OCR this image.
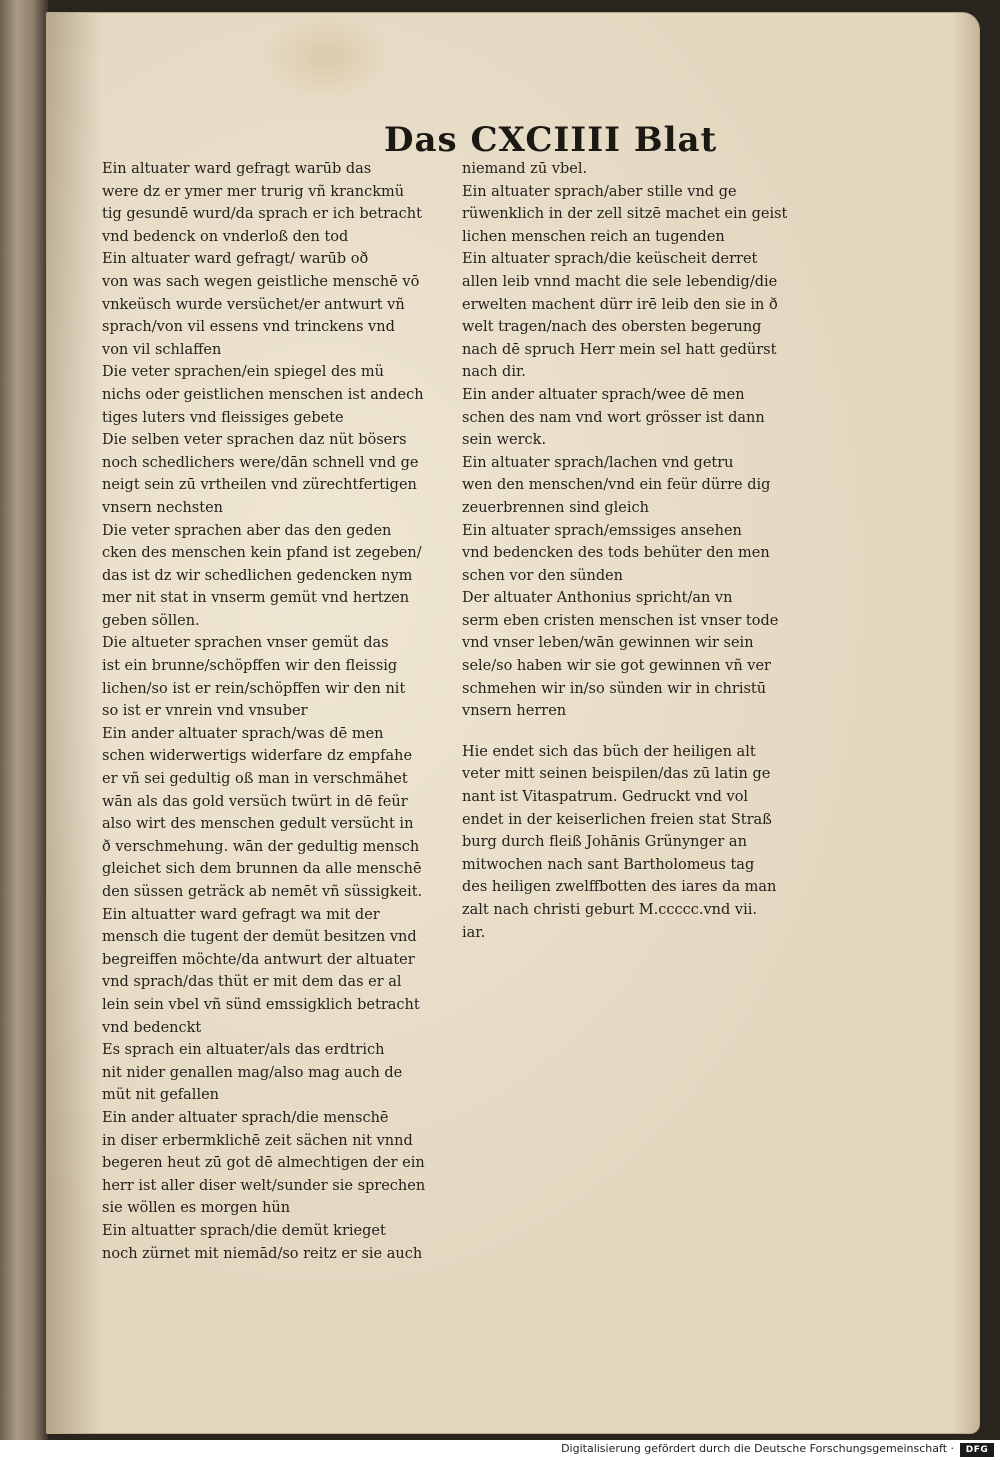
Das CXCIIII Blat
Ein altuater ward gefragt warūb das
were dz er ymer mer trurig vñ kranckmü
tig gesundē wurd/da sprach er ich betracht
vnd bedenck on vnderloß den tod
Ein altuater ward gefragt/ warūb oð
von was sach wegen geistliche menschē vō
vnkeüsch wurde versüchet/er antwurt vñ
sprach/von vil essens vnd trinckens vnd
von vil schlaffen
Die veter sprachen/ein spiegel des mü
nichs oder geistlichen menschen ist andech
tiges luters vnd fleissiges gebete
Die selben veter sprachen daz nüt bösers
noch schedlichers were/dān schnell vnd ge
neigt sein zū vrtheilen vnd zürechtfertigen
vnsern nechsten
Die veter sprachen aber das den geden
cken des menschen kein pfand ist zegeben/
das ist dz wir schedlichen gedencken nym
mer nit stat in vnserm gemüt vnd hertzen
geben söllen.
Die altueter sprachen vnser gemüt das
ist ein brunne/schöpffen wir den fleissig
lichen/so ist er rein/schöpffen wir den nit
so ist er vnrein vnd vnsuber
Ein ander altuater sprach/was dē men
schen widerwertigs widerfare dz empfahe
er vñ sei gedultig oß man in verschmähet
wān als das gold versüch twürt in dē feür
also wirt des menschen gedult versücht in
ð verschmehung. wān der gedultig mensch
gleichet sich dem brunnen da alle menschē
den süssen geträck ab nemēt vñ süssigkeit.
Ein altuatter ward gefragt wa mit der
mensch die tugent der demüt besitzen vnd
begreiffen möchte/da antwurt der altuater
vnd sprach/das thüt er mit dem das er al
lein sein vbel vñ sünd emssigklich betracht
vnd bedenckt
Es sprach ein altuater/als das erdtrich
nit nider genallen mag/also mag auch de
müt nit gefallen
Ein ander altuater sprach/die menschē
in diser erbermklichē zeit sächen nit vnnd
begeren heut zū got dē almechtigen der ein
herr ist aller diser welt/sunder sie sprechen
sie wöllen es morgen hün
Ein altuatter sprach/die demüt krieget
noch zürnet mit niemād/so reitz er sie auch
niemand zū vbel.
Ein altuater sprach/aber stille vnd ge
rüwenklich in der zell sitzē machet ein geist
lichen menschen reich an tugenden
Ein altuater sprach/die keüscheit derret
allen leib vnnd macht die sele lebendig/die
erwelten machent dürr irē leib den sie in ð
welt tragen/nach des obersten begerung
nach dē spruch Herr mein sel hatt gedürst
nach dir.
Ein ander altuater sprach/wee dē men
schen des nam vnd wort grösser ist dann
sein werck.
Ein altuater sprach/lachen vnd getru
wen den menschen/vnd ein feür dürre dig
zeuerbrennen sind gleich
Ein altuater sprach/emssiges ansehen
vnd bedencken des tods behüter den men
schen vor den sünden
Der altuater Anthonius spricht/an vn
serm eben cristen menschen ist vnser tode
vnd vnser leben/wān gewinnen wir sein
sele/so haben wir sie got gewinnen vñ ver
schmehen wir in/so sünden wir in christū
vnsern herren
Hie endet sich das büch der heiligen alt
veter mitt seinen beispilen/das zū latin ge
nant ist Vitaspatrum. Gedruckt vnd vol
endet in der keiserlichen freien stat Straß
burg durch fleiß Johānis Grünynger an
mitwochen nach sant Bartholomeus tag
des heiligen zwelffbotten des iares da man
zalt nach christi geburt M.ccccc.vnd vii.
iar.
Digitalisierung gefördert durch die Deutsche Forschungsgemeinschaft ·	DFG
